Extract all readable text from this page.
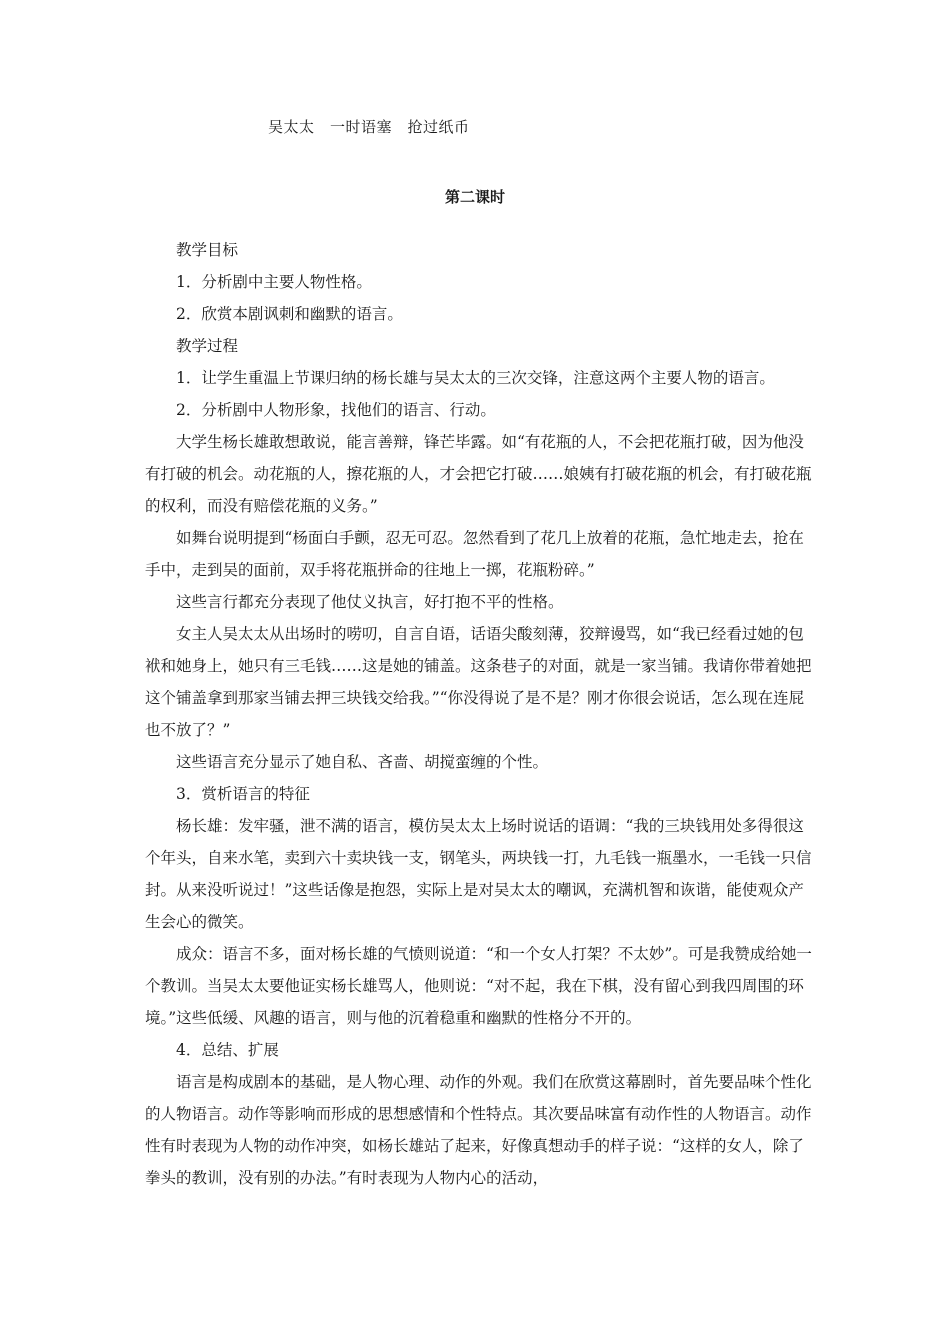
吴太太　一时语塞　抢过纸币
第二课时

教学目标

1．分析剧中主要人物性格。

2．欣赏本剧讽刺和幽默的语言。

教学过程

1．让学生重温上节课归纳的杨长雄与吴太太的三次交锋，注意这两个主要人物的语言。

2．分析剧中人物形象，找他们的语言、行动。

大学生杨长雄敢想敢说，能言善辩，锋芒毕露。如“有花瓶的人，不会把花瓶打破，因为他没有打破的机会。动花瓶的人，擦花瓶的人，才会把它打破……娘姨有打破花瓶的机会，有打破花瓶的权利，而没有赔偿花瓶的义务。”

如舞台说明提到“杨面白手颤，忍无可忍。忽然看到了花几上放着的花瓶，急忙地走去，抢在手中，走到吴的面前，双手将花瓶拼命的往地上一掷，花瓶粉碎。”

这些言行都充分表现了他仗义执言，好打抱不平的性格。

女主人吴太太从出场时的唠叨，自言自语，话语尖酸刻薄，狡辩谩骂，如“我已经看过她的包袱和她身上，她只有三毛钱……这是她的铺盖。这条巷子的对面，就是一家当铺。我请你带着她把这个铺盖拿到那家当铺去押三块钱交给我。”“你没得说了是不是？刚才你很会说话，怎么现在连屁也不放了？”

这些语言充分显示了她自私、吝啬、胡搅蛮缠的个性。

3．赏析语言的特征

杨长雄：发牢骚，泄不满的语言，模仿吴太太上场时说话的语调：“我的三块钱用处多得很这个年头，自来水笔，卖到六十卖块钱一支，钢笔头，两块钱一打，九毛钱一瓶墨水，一毛钱一只信封。从来没听说过！”这些话像是抱怨，实际上是对吴太太的嘲讽，充满机智和诙谐，能使观众产生会心的微笑。

成众：语言不多，面对杨长雄的气愤则说道：“和一个女人打架？不太妙”。可是我赞成给她一个教训。当吴太太要他证实杨长雄骂人，他则说：“对不起，我在下棋，没有留心到我四周围的环境。”这些低缓、风趣的语言，则与他的沉着稳重和幽默的性格分不开的。

4．总结、扩展

语言是构成剧本的基础，是人物心理、动作的外观。我们在欣赏这幕剧时，首先要品味个性化的人物语言。动作等影响而形成的思想感情和个性特点。其次要品味富有动作性的人物语言。动作性有时表现为人物的动作冲突，如杨长雄站了起来，好像真想动手的样子说：“这样的女人，除了拳头的教训，没有别的办法。”有时表现为人物内心的活动，
